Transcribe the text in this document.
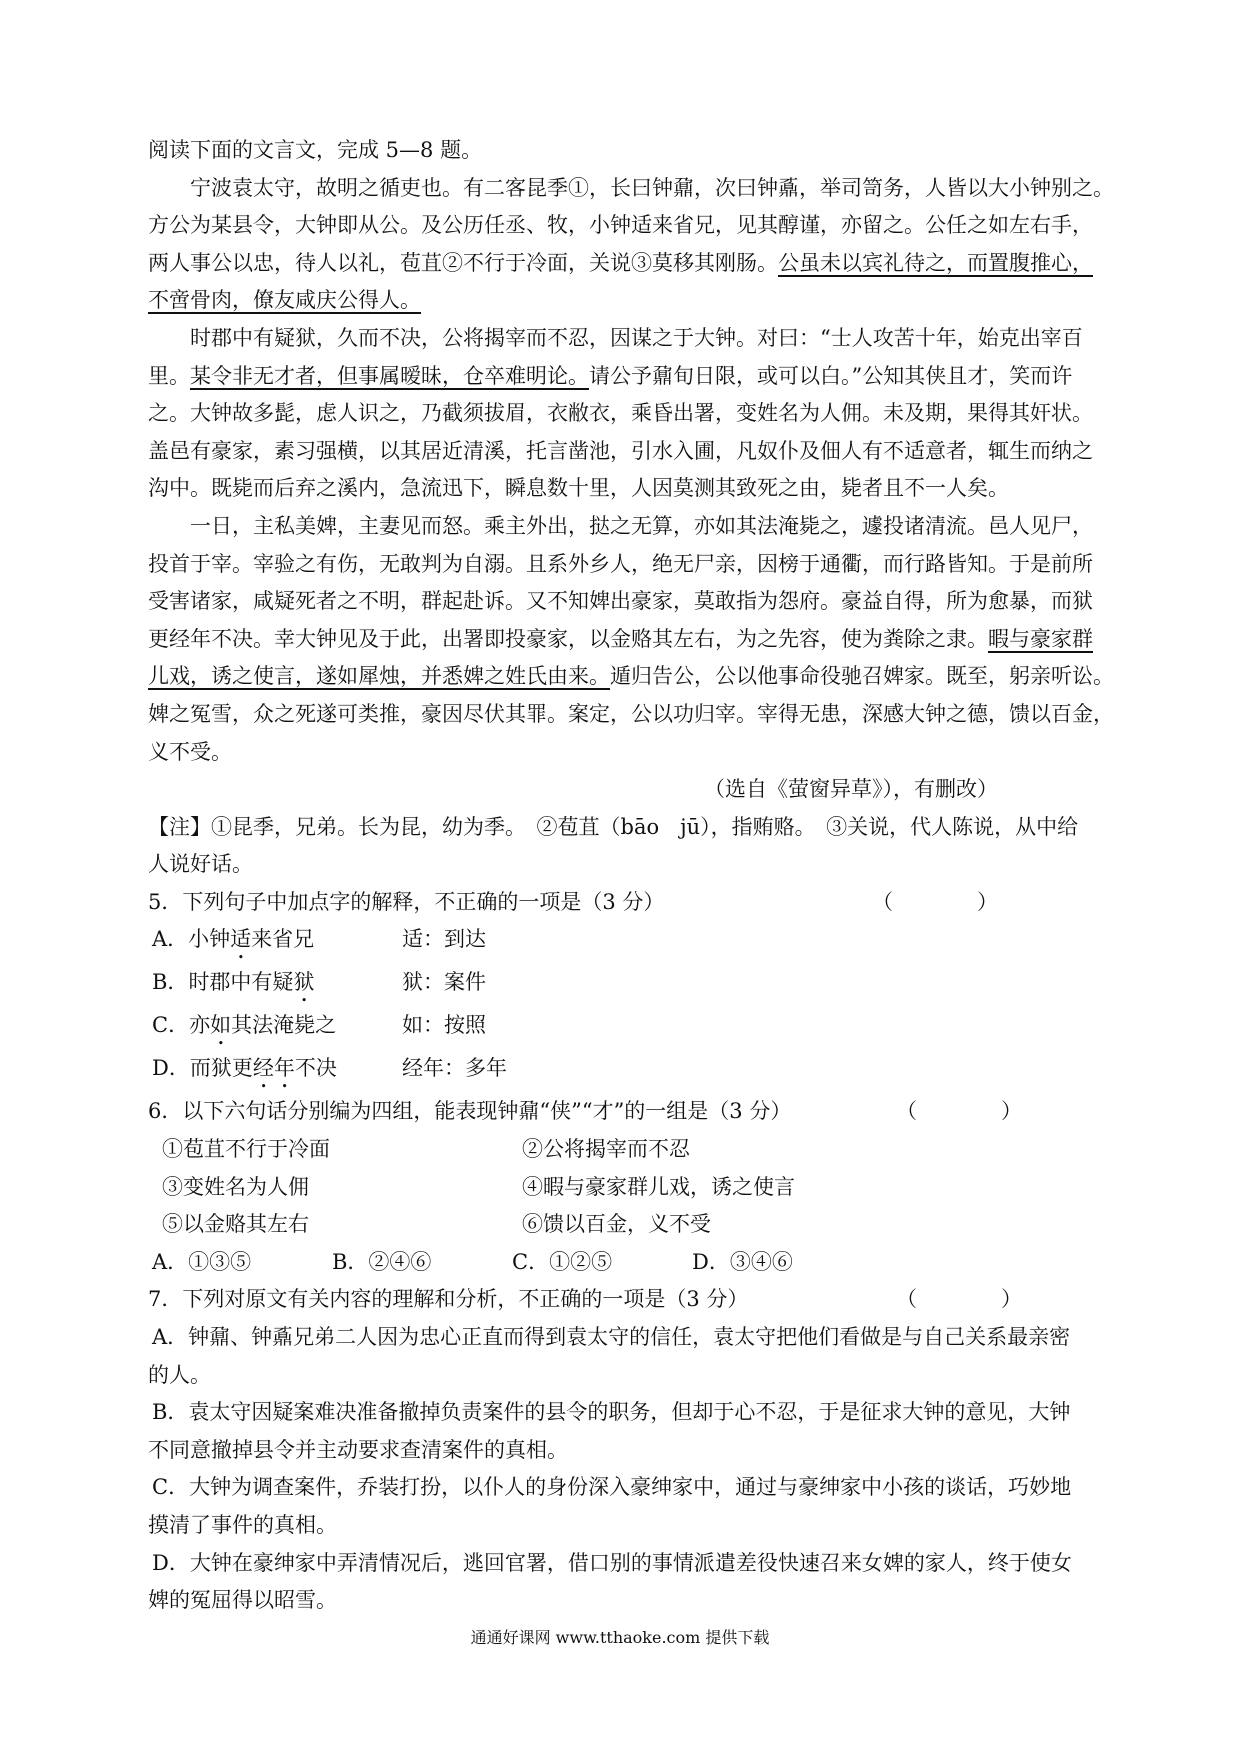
阅读下面的文言文，完成 5—8 题。
宁波袁太守，故明之循吏也。有二客昆季①，长曰钟鼐，次曰钟鼒，举司笥务，人皆以大小钟别之。
方公为某县令，大钟即从公。及公历任丞、牧，小钟适来省兄，见其醇谨，亦留之。公任之如左右手，
两人事公以忠，待人以礼，苞苴②不行于冷面，关说③莫移其刚肠。公虽未以宾礼待之，而置腹推心，
不啻骨肉，僚友咸庆公得人。
时郡中有疑狱，久而不决，公将揭宰而不忍，因谋之于大钟。对曰：“士人攻苦十年，始克出宰百
里。某令非无才者，但事属暧昧，仓卒难明论。请公予鼐旬日限，或可以白。”公知其侠且才，笑而许
之。大钟故多髭，虑人识之，乃截须拔眉，衣敝衣，乘昏出署，变姓名为人佣。未及期，果得其奸状。
盖邑有豪家，素习强横，以其居近清溪，托言凿池，引水入圃，凡奴仆及佃人有不适意者，辄生而纳之
沟中。既毙而后弃之溪内，急流迅下，瞬息数十里，人因莫测其致死之由，毙者且不一人矣。
一日，主私美婢，主妻见而怒。乘主外出，挞之无算，亦如其法淹毙之，遽投诸清流。邑人见尸，
投首于宰。宰验之有伤，无敢判为自溺。且系外乡人，绝无尸亲，因榜于通衢，而行路皆知。于是前所
受害诸家，咸疑死者之不明，群起赴诉。又不知婢出豪家，莫敢指为怨府。豪益自得，所为愈暴，而狱
更经年不决。幸大钟见及于此，出署即投豪家，以金赂其左右，为之先容，使为粪除之隶。暇与豪家群
儿戏，诱之使言，遂如犀烛，并悉婢之姓氏由来。遁归告公，公以他事命役驰召婢家。既至，躬亲听讼。
婢之冤雪，众之死遂可类推，豪因尽伏其罪。案定，公以功归宰。宰得无患，深感大钟之德，馈以百金，
义不受。
（选自《萤窗异草》），有删改）
【注】①昆季，兄弟。长为昆，幼为季。　②苞苴（bāo　jū），指贿赂。　③关说，代人陈说，从中给
人说好话。
5．下列句子中加点字的解释，不正确的一项是（3 分）	（　　　　）
A．小钟适来省兄	适：到达
B．时郡中有疑狱	狱：案件
C．亦如其法淹毙之	如：按照
D．而狱更经年不决	经年：多年
6．以下六句话分别编为四组，能表现钟鼐“侠”“才”的一组是（3 分）	（　　　　）
①苞苴不行于冷面	②公将揭宰而不忍
③变姓名为人佣	④暇与豪家群儿戏，诱之使言
⑤以金赂其左右	⑥馈以百金，义不受
A．①③⑤	B．②④⑥	C．①②⑤	D．③④⑥
7．下列对原文有关内容的理解和分析，不正确的一项是（3 分）	（　　　　）
A．钟鼐、钟鼒兄弟二人因为忠心正直而得到袁太守的信任，袁太守把他们看做是与自己关系最亲密
的人。
B．袁太守因疑案难决准备撤掉负责案件的县令的职务，但却于心不忍，于是征求大钟的意见，大钟
不同意撤掉县令并主动要求查清案件的真相。
C．大钟为调查案件，乔装打扮，以仆人的身份深入豪绅家中，通过与豪绅家中小孩的谈话，巧妙地
摸清了事件的真相。
D．大钟在豪绅家中弄清情况后，逃回官署，借口别的事情派遣差役快速召来女婢的家人，终于使女
婢的冤屈得以昭雪。
通通好课网 www.tthaoke.com 提供下载
